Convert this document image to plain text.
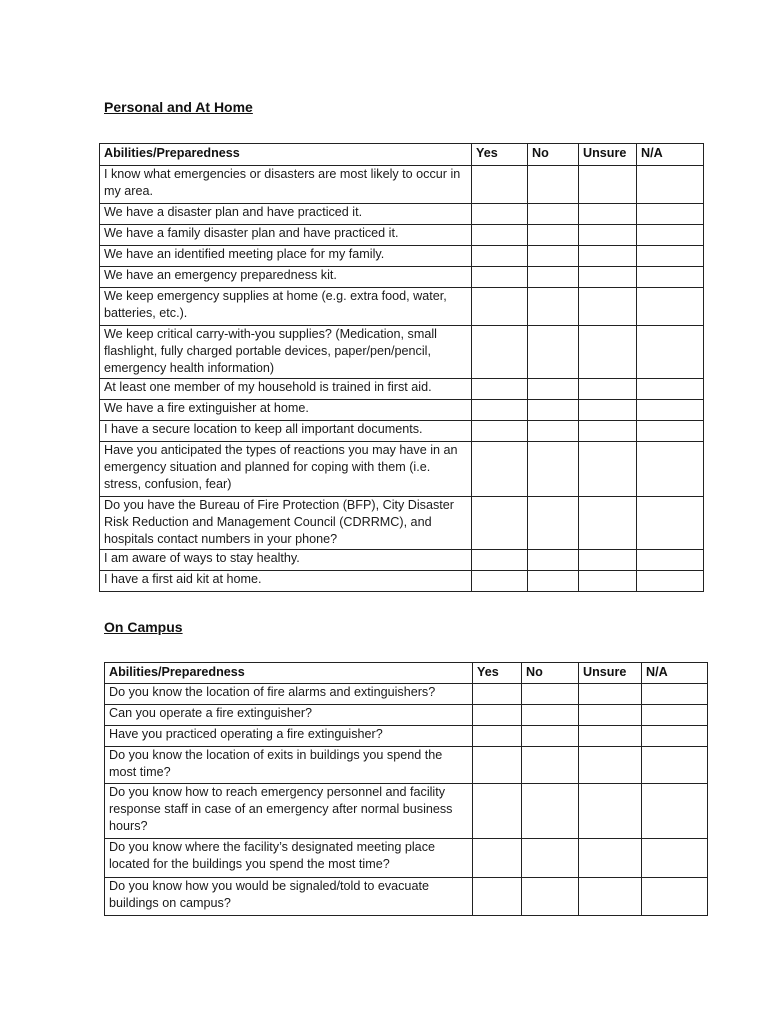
Personal and At Home
Abilities/Preparedness	Yes	No	Unsure	N/A
I know what emergencies or disasters are most likely to occur in my area.				
We have a disaster plan and have practiced it.				
We have a family disaster plan and have practiced it.				
We have an identified meeting place for my family.				
We have an emergency preparedness kit.				
We keep emergency supplies at home (e.g. extra food, water, batteries, etc.).				
We keep critical carry-with-you supplies? (Medication, small flashlight, fully charged portable devices, paper/pen/pencil, emergency health information)				
At least one member of my household is trained in first aid.				
We have a fire extinguisher at home.				
I have a secure location to keep all important documents.				
Have you anticipated the types of reactions you may have in an emergency situation and planned for coping with them (i.e. stress, confusion, fear)				
Do you have the Bureau of Fire Protection (BFP), City Disaster Risk Reduction and Management Council (CDRRMC), and hospitals contact numbers in your phone?				
I am aware of ways to stay healthy.				
I have a first aid kit at home.				
On Campus
Abilities/Preparedness	Yes	No	Unsure	N/A
Do you know the location of fire alarms and extinguishers?				
Can you operate a fire extinguisher?				
Have you practiced operating a fire extinguisher?				
Do you know the location of exits in buildings you spend the most time?				
Do you know how to reach emergency personnel and facility response staff in case of an emergency after normal business hours?				
Do you know where the facility’s designated meeting place located for the buildings you spend the most time?				
Do you know how you would be signaled/told to evacuate buildings on campus?				
